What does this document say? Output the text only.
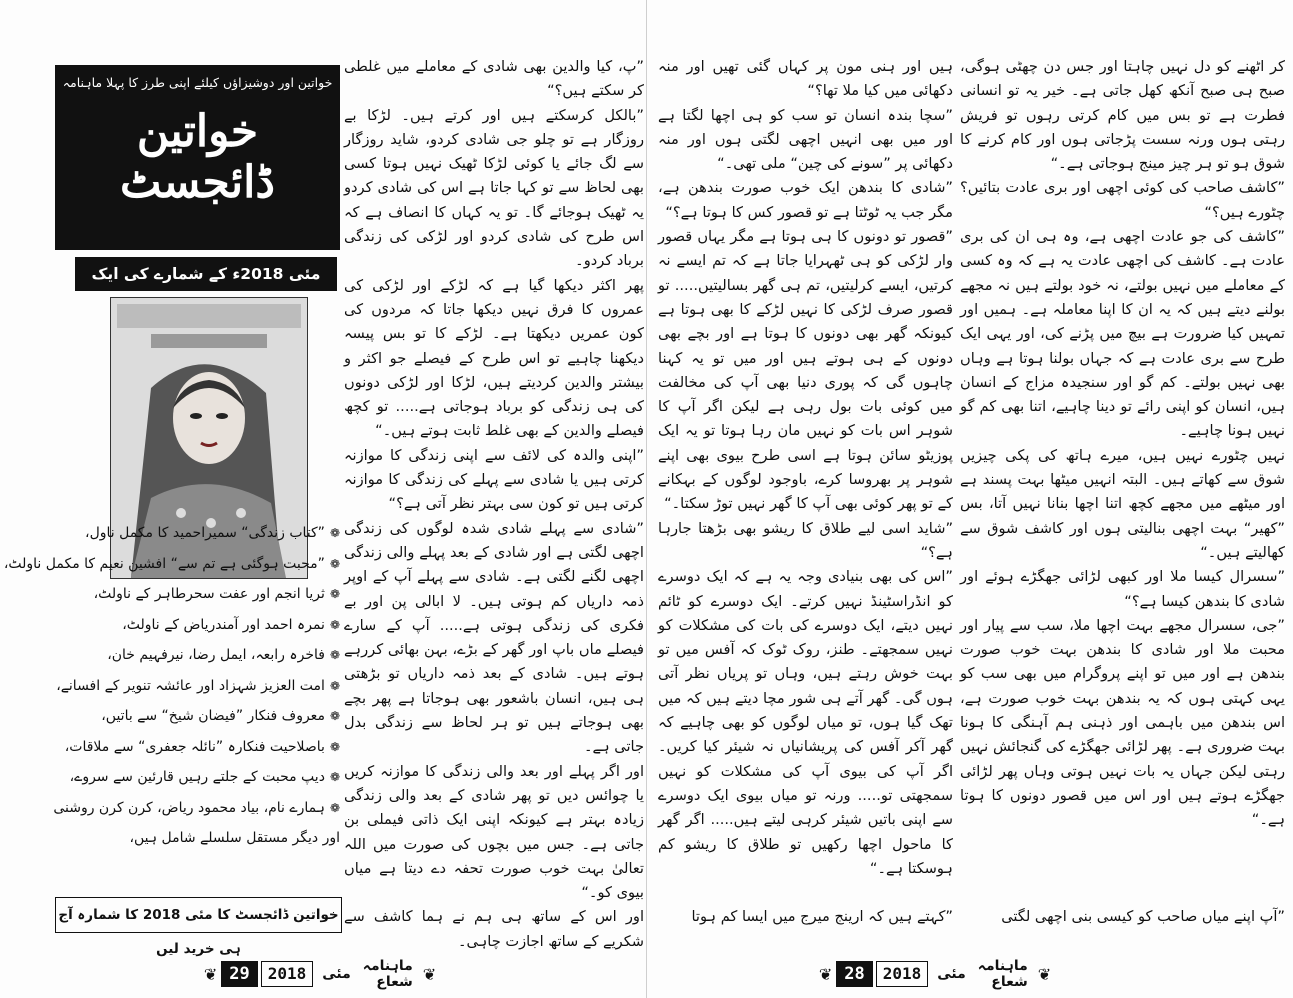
خواتین اور دوشیزاؤں کیلئے اپنی طرز کا پہلا ماہنامہ
خواتین ڈائجسٹ
مئی 2018ء کے شمارے کی ایک
❁”کتاب زندگی“ سمیراحمید کا مکمل ناول،
❁”محبت ہوگئی ہے تم سے“ افشین نعیم کا مکمل ناولٹ،
❁ثریا انجم اور عفت سحرطاہر کے ناولٹ،
❁نمرہ احمد اور آمندریاض کے ناولٹ،
❁فاخرہ رابعہ، ایمل رضا، نیرفہیم خان،
❁امت العزیز شہزاد اور عائشہ تنویر کے افسانے،
❁معروف فنکار ”فیضان شیخ“ سے باتیں،
❁باصلاحیت فنکارہ ”نائلہ جعفری“ سے ملاقات،
❁دیپ محبت کے جلتے رہیں قارئین سے سروے،
❁ہمارے نام، بیاد محمود ریاض، کرن کرن روشنی
اور دیگر مستقل سلسلے شامل ہیں،
خواتین ڈائجسٹ کا مئی 2018 کا شمارہ آج ہی خرید لیں

”پ، کیا والدین بھی شادی کے معاملے میں غلطی کر سکتے ہیں؟“

”بالکل کرسکتے ہیں اور کرتے ہیں۔ لڑکا بے روزگار ہے تو چلو جی شادی کردو، شاید روزگار سے لگ جائے یا کوئی لڑکا ٹھیک نہیں ہوتا کسی بھی لحاظ سے تو کہا جاتا ہے اس کی شادی کردو یہ ٹھیک ہوجائے گا۔ تو یہ کہاں کا انصاف ہے کہ اس طرح کی شادی کردو اور لڑکی کی زندگی برباد کردو۔

پھر اکثر دیکھا گیا ہے کہ لڑکے اور لڑکی کی عمروں کا فرق نہیں دیکھا جاتا کہ مردوں کی کون عمریں دیکھتا ہے۔ لڑکے کا تو بس پیسہ دیکھنا چاہیے تو اس طرح کے فیصلے جو اکثر و بیشتر والدین کردیتے ہیں، لڑکا اور لڑکی دونوں کی ہی زندگی کو برباد ہوجاتی ہے..... تو کچھ فیصلے والدین کے بھی غلط ثابت ہوتے ہیں۔“

”اپنی والدہ کی لائف سے اپنی زندگی کا موازنہ کرتی ہیں یا شادی سے پہلے کی زندگی کا موازنہ کرتی ہیں تو کون سی بہتر نظر آتی ہے؟“

”شادی سے پہلے شادی شدہ لوگوں کی زندگی اچھی لگتی ہے اور شادی کے بعد پہلے والی زندگی اچھی لگنے لگتی ہے۔ شادی سے پہلے آپ کے اوپر ذمہ داریاں کم ہوتی ہیں۔ لا ابالی پن اور بے فکری کی زندگی ہوتی ہے..... آپ کے سارے فیصلے ماں باپ اور گھر کے بڑے، بہن بھائی کررہے ہوتے ہیں۔ شادی کے بعد ذمہ داریاں تو بڑھتی ہی ہیں، انسان باشعور بھی ہوجاتا ہے پھر بچے بھی ہوجاتے ہیں تو ہر لحاظ سے زندگی بدل جاتی ہے۔

اور اگر پہلے اور بعد والی زندگی کا موازنہ کریں یا چوائس دیں تو پھر شادی کے بعد والی زندگی زیادہ بہتر ہے کیونکہ اپنی ایک ذاتی فیملی بن جاتی ہے۔ جس میں بچوں کی صورت میں اللہ تعالیٰ بہت خوب صورت تحفہ دے دیتا ہے میاں بیوی کو۔“

اور اس کے ساتھ ہی ہم نے ہما کاشف سے شکریے کے ساتھ اجازت چاہی۔

ہیں اور ہنی مون پر کہاں گئی تھیں اور منہ دکھائی میں کیا ملا تھا؟“

”سچا بندہ انسان تو سب کو ہی اچھا لگتا ہے اور میں بھی انہیں اچھی لگتی ہوں اور منہ دکھائی پر ”سونے کی چین“ ملی تھی۔“

”شادی کا بندھن ایک خوب صورت بندھن ہے، مگر جب یہ ٹوٹتا ہے تو قصور کس کا ہوتا ہے؟“

”قصور تو دونوں کا ہی ہوتا ہے مگر یہاں قصور وار لڑکی کو ہی ٹھہرایا جاتا ہے کہ تم ایسے نہ کرتیں، ایسے کرلیتیں، تم ہی گھر بسالیتیں..... تو قصور صرف لڑکی کا نہیں لڑکے کا بھی ہوتا ہے کیونکہ گھر بھی دونوں کا ہوتا ہے اور بچے بھی دونوں کے ہی ہوتے ہیں اور میں تو یہ کہنا چاہوں گی کہ پوری دنیا بھی آپ کی مخالفت میں کوئی بات بول رہی ہے لیکن اگر آپ کا شوہر اس بات کو نہیں مان رہا ہوتا تو یہ ایک پوزیٹو سائن ہوتا ہے اسی طرح بیوی بھی اپنے شوہر پر بھروسا کرے، باوجود لوگوں کے بہکانے کے تو پھر کوئی بھی آپ کا گھر نہیں توڑ سکتا۔“

”شاید اسی لیے طلاق کا ریشو بھی بڑھتا جارہا ہے؟“

”اس کی بھی بنیادی وجہ یہ ہے کہ ایک دوسرے کو انڈراسٹینڈ نہیں کرتے۔ ایک دوسرے کو ٹائم نہیں دیتے، ایک دوسرے کی بات کی مشکلات کو نہیں سمجھتے۔ طنز، روک ٹوک کہ آفس میں تو بہت خوش رہتے ہیں، وہاں تو پریاں نظر آتی ہوں گی۔ گھر آتے ہی شور مچا دیتے ہیں کہ میں تھک گیا ہوں، تو میاں لوگوں کو بھی چاہیے کہ گھر آکر آفس کی پریشانیاں نہ شیئر کیا کریں۔ اگر آپ کی بیوی آپ کی مشکلات کو نہیں سمجھتی تو..... ورنہ تو میاں بیوی ایک دوسرے سے اپنی باتیں شیئر کرہی لیتے ہیں..... اگر گھر کا ماحول اچھا رکھیں تو طلاق کا ریشو کم ہوسکتا ہے۔“

کر اٹھنے کو دل نہیں چاہتا اور جس دن چھٹی ہوگی، صبح ہی صبح آنکھ کھل جاتی ہے۔ خیر یہ تو انسانی فطرت ہے تو بس میں کام کرتی رہوں تو فریش رہتی ہوں ورنہ سست پڑجاتی ہوں اور کام کرنے کا شوق ہو تو ہر چیز مینج ہوجاتی ہے۔“

”کاشف صاحب کی کوئی اچھی اور بری عادت بتائیں؟ چٹورے ہیں؟“

”کاشف کی جو عادت اچھی ہے، وہ ہی ان کی بری عادت ہے۔ کاشف کی اچھی عادت یہ ہے کہ وہ کسی کے معاملے میں نہیں بولتے، نہ خود بولتے ہیں نہ مجھے بولنے دیتے ہیں کہ یہ ان کا اپنا معاملہ ہے۔ ہمیں اور تمہیں کیا ضرورت ہے بیچ میں پڑنے کی، اور یہی ایک طرح سے بری عادت ہے کہ جہاں بولنا ہوتا ہے وہاں بھی نہیں بولتے۔ کم گو اور سنجیدہ مزاج کے انسان ہیں، انسان کو اپنی رائے تو دینا چاہیے، اتنا بھی کم گو نہیں ہونا چاہیے۔

نہیں چٹورے نہیں ہیں، میرے ہاتھ کی پکی چیزیں شوق سے کھاتے ہیں۔ البتہ انہیں میٹھا بہت پسند ہے اور میٹھے میں مجھے کچھ اتنا اچھا بنانا نہیں آتا، بس ”کھیر“ بہت اچھی بنالیتی ہوں اور کاشف شوق سے کھالیتے ہیں۔“

”سسرال کیسا ملا اور کبھی لڑائی جھگڑے ہوئے اور شادی کا بندھن کیسا ہے؟“

”جی، سسرال مجھے بہت اچھا ملا، سب سے پیار اور محبت ملا اور شادی کا بندھن بہت خوب صورت بندھن ہے اور میں تو اپنے پروگرام میں بھی سب کو یہی کہتی ہوں کہ یہ بندھن بہت خوب صورت ہے، اس بندھن میں باہمی اور ذہنی ہم آہنگی کا ہونا بہت ضروری ہے۔ پھر لڑائی جھگڑے کی گنجائش نہیں رہتی لیکن جہاں یہ بات نہیں ہوتی وہاں پھر لڑائی جھگڑے ہوتے ہیں اور اس میں قصور دونوں کا ہوتا ہے۔“

”آپ اپنے میاں صاحب کو کیسی بنی اچھی لگتی
”کہتے ہیں کہ ارینج میرج میں ایسا کم ہوتا
❦
ماہنامہ شعاع
مئی
2018
29
❦	❦
ماہنامہ شعاع
مئی
2018
28
❦
